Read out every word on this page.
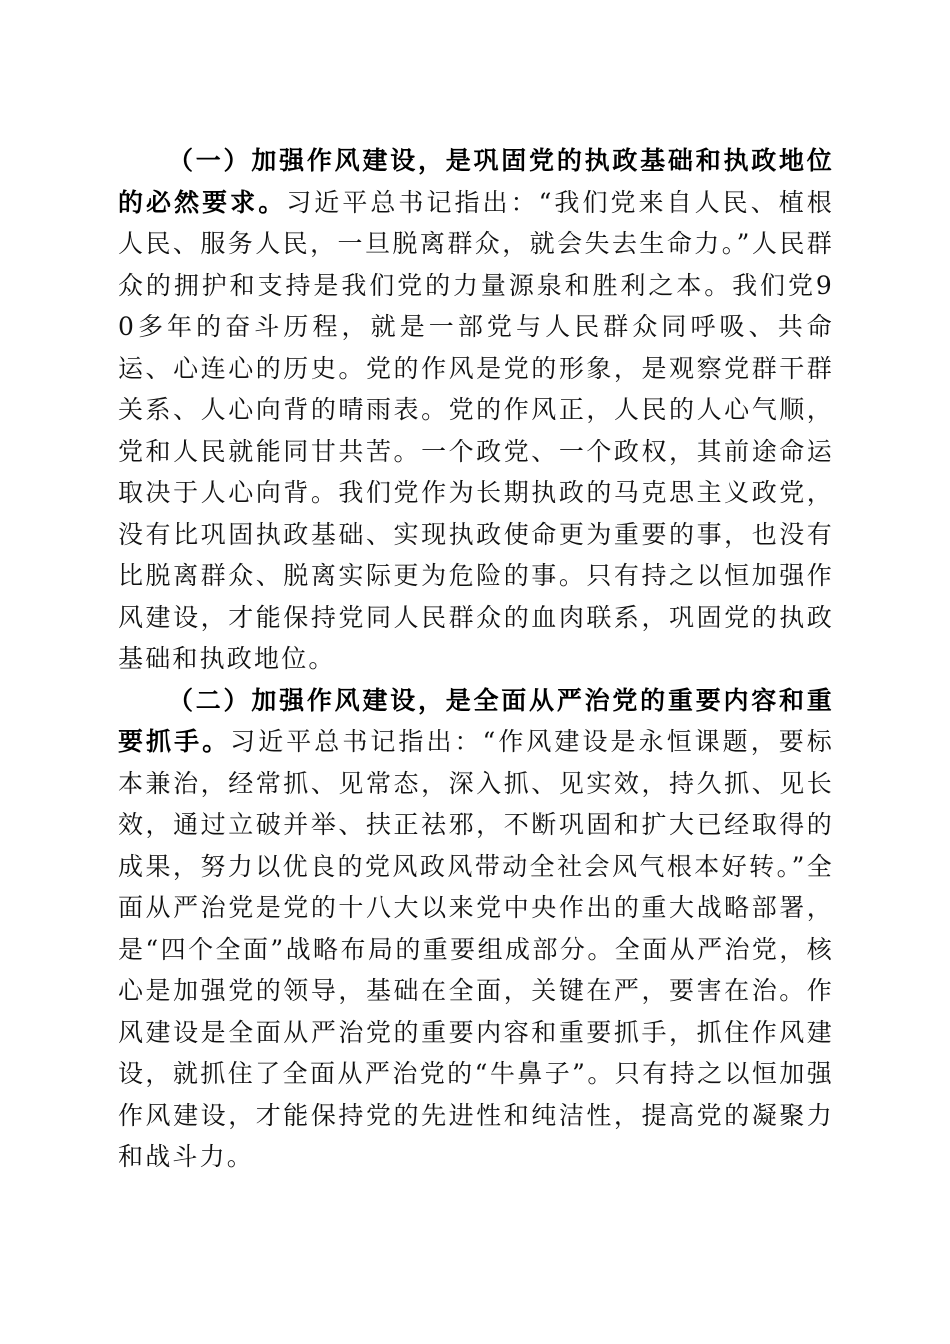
（一）加强作风建设，是巩固党的执政基础和执政地位的必然要求。习近平总书记指出：“我们党来自人民、植根人民、服务人民，一旦脱离群众，就会失去生命力。”人民群众的拥护和支持是我们党的力量源泉和胜利之本。我们党90多年的奋斗历程，就是一部党与人民群众同呼吸、共命运、心连心的历史。党的作风是党的形象，是观察党群干群关系、人心向背的晴雨表。党的作风正，人民的人心气顺，党和人民就能同甘共苦。一个政党、一个政权，其前途命运取决于人心向背。我们党作为长期执政的马克思主义政党，没有比巩固执政基础、实现执政使命更为重要的事，也没有比脱离群众、脱离实际更为危险的事。只有持之以恒加强作风建设，才能保持党同人民群众的血肉联系，巩固党的执政基础和执政地位。

（二）加强作风建设，是全面从严治党的重要内容和重要抓手。习近平总书记指出：“作风建设是永恒课题，要标本兼治，经常抓、见常态，深入抓、见实效，持久抓、见长效，通过立破并举、扶正祛邪，不断巩固和扩大已经取得的成果，努力以优良的党风政风带动全社会风气根本好转。”全面从严治党是党的十八大以来党中央作出的重大战略部署，是“四个全面”战略布局的重要组成部分。全面从严治党，核心是加强党的领导，基础在全面，关键在严，要害在治。作风建设是全面从严治党的重要内容和重要抓手，抓住作风建设，就抓住了全面从严治党的“牛鼻子”。只有持之以恒加强作风建设，才能保持党的先进性和纯洁性，提高党的凝聚力和战斗力。
